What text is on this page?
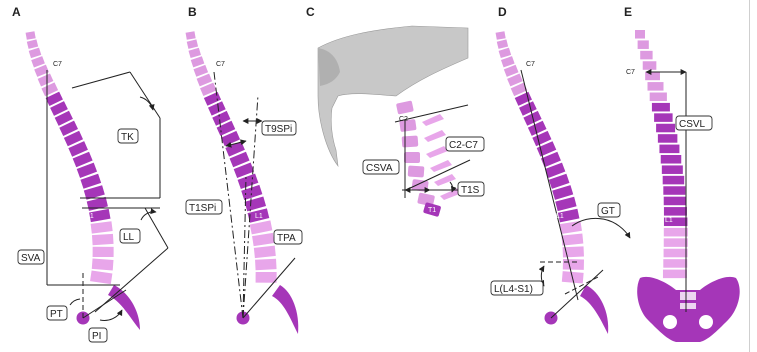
A
C7
L1
TK
LL
SVA
PT
PI
B
C7
L1
T9SPi
T1SPi
TPA
C
C2
T1
C2-C7
CSVA
T1S
D
C7
L1	GT
L(L4-S1)
E
C7
L1
CSVL
